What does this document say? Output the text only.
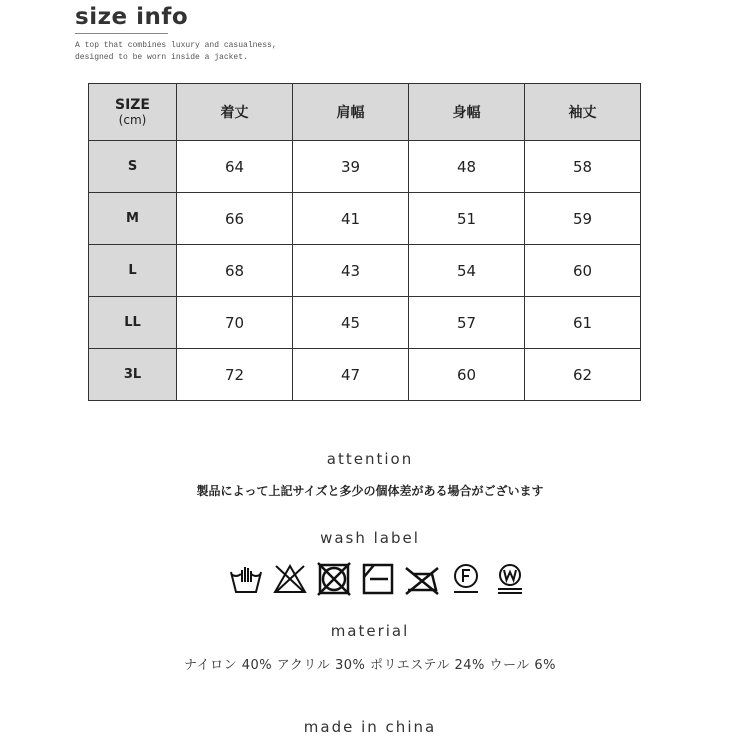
size info
A top that combines luxury and casualness,
designed to be worn inside a jacket.
SIZE
(cm)	着丈	肩幅	身幅	袖丈
S	64	39	48	58
M	66	41	51	59
L	68	43	54	60
LL	70	45	57	61
3L	72	47	60	62
attention
製品によって上記サイズと多少の個体差がある場合がございます
wash label
material
ナイロン 40% アクリル 30% ポリエステル 24% ウール 6%
made in china
